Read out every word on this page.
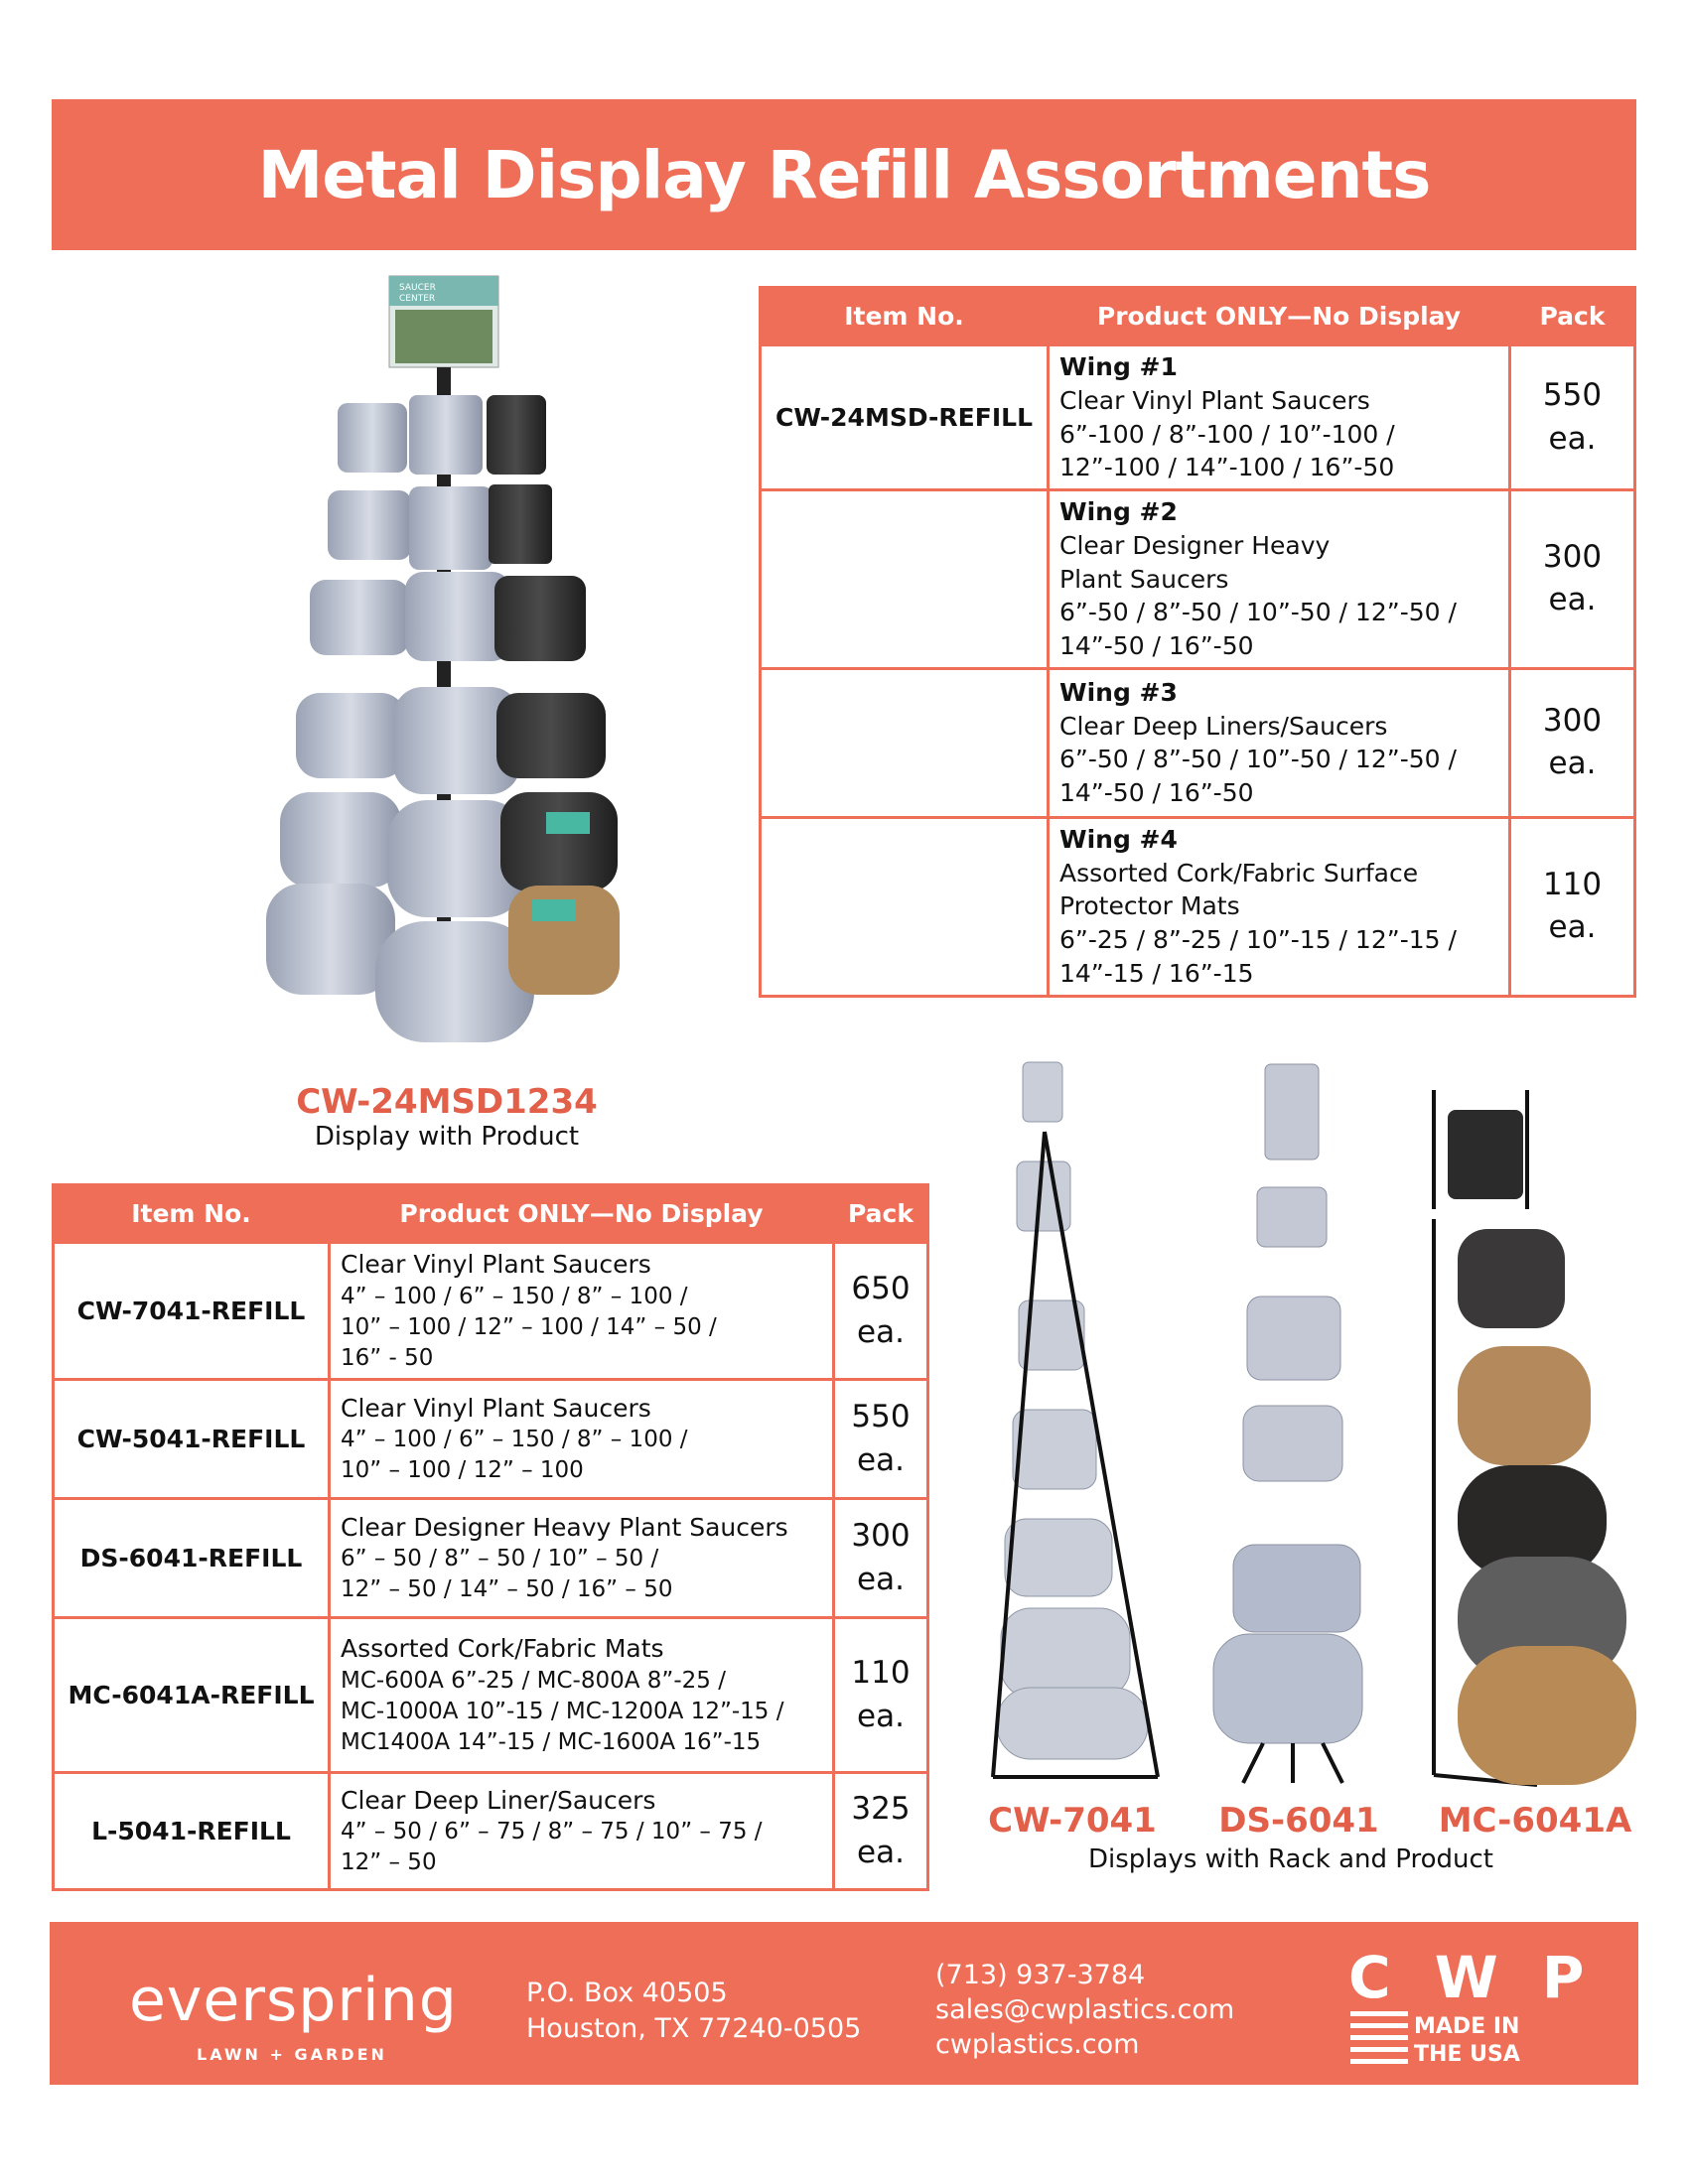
Metal Display Refill Assortments
Item No.	Product ONLY—No Display	Pack
CW-24MSD-REFILL	Wing #1
Clear Vinyl Plant Saucers
6”-100 / 8”-100 / 10”-100 /
12”-100 / 14”-100 / 16”-50	550
ea.

	Wing #2
Clear Designer Heavy
Plant Saucers
6”-50 / 8”-50 / 10”-50 / 12”-50 /
14”-50 / 16”-50	300
ea.

	Wing #3
Clear Deep Liners/Saucers
6”-50 / 8”-50 / 10”-50 / 12”-50 /
14”-50 / 16”-50	300
ea.

	Wing #4
Assorted Cork/Fabric Surface
Protector Mats
6”-25 / 8”-25 / 10”-15 / 12”-15 /
14”-15 / 16”-15	110
ea.
SAUCER
CENTER
CW-24MSD1234
Display with Product
Item No.	Product ONLY—No Display	Pack
CW-7041-REFILL	Clear Vinyl Plant Saucers
4” – 100 / 6” – 150 / 8” – 100 /
10” – 100 / 12” – 100 / 14” – 50 /
16” - 50	650
ea.

CW-5041-REFILL	Clear Vinyl Plant Saucers
4” – 100 / 6” – 150 / 8” – 100 /
10” – 100 / 12” – 100	550
ea.

DS-6041-REFILL	Clear Designer Heavy Plant Saucers
6” – 50 / 8” – 50 / 10” – 50 /
12” – 50 / 14” – 50 / 16” – 50	300
ea.

MC-6041A-REFILL	Assorted Cork/Fabric Mats
MC-600A 6”-25 / MC-800A 8”-25 /
MC-1000A 10”-15 / MC-1200A 12”-15 /
MC1400A 14”-15 / MC-1600A 16”-15	110
ea.

L-5041-REFILL	Clear Deep Liner/Saucers
4” – 50 / 6” – 75 / 8” – 75 / 10” – 75 /
12” – 50	325
ea.
CW-7041	DS-6041	MC-6041A
Displays with Rack and Product
everspring
LAWN + GARDEN
P.O. Box 40505
Houston, TX 77240-0505
(713) 937-3784
sales@cwplastics.com
cwplastics.com
C W P
MADE IN
THE USA
